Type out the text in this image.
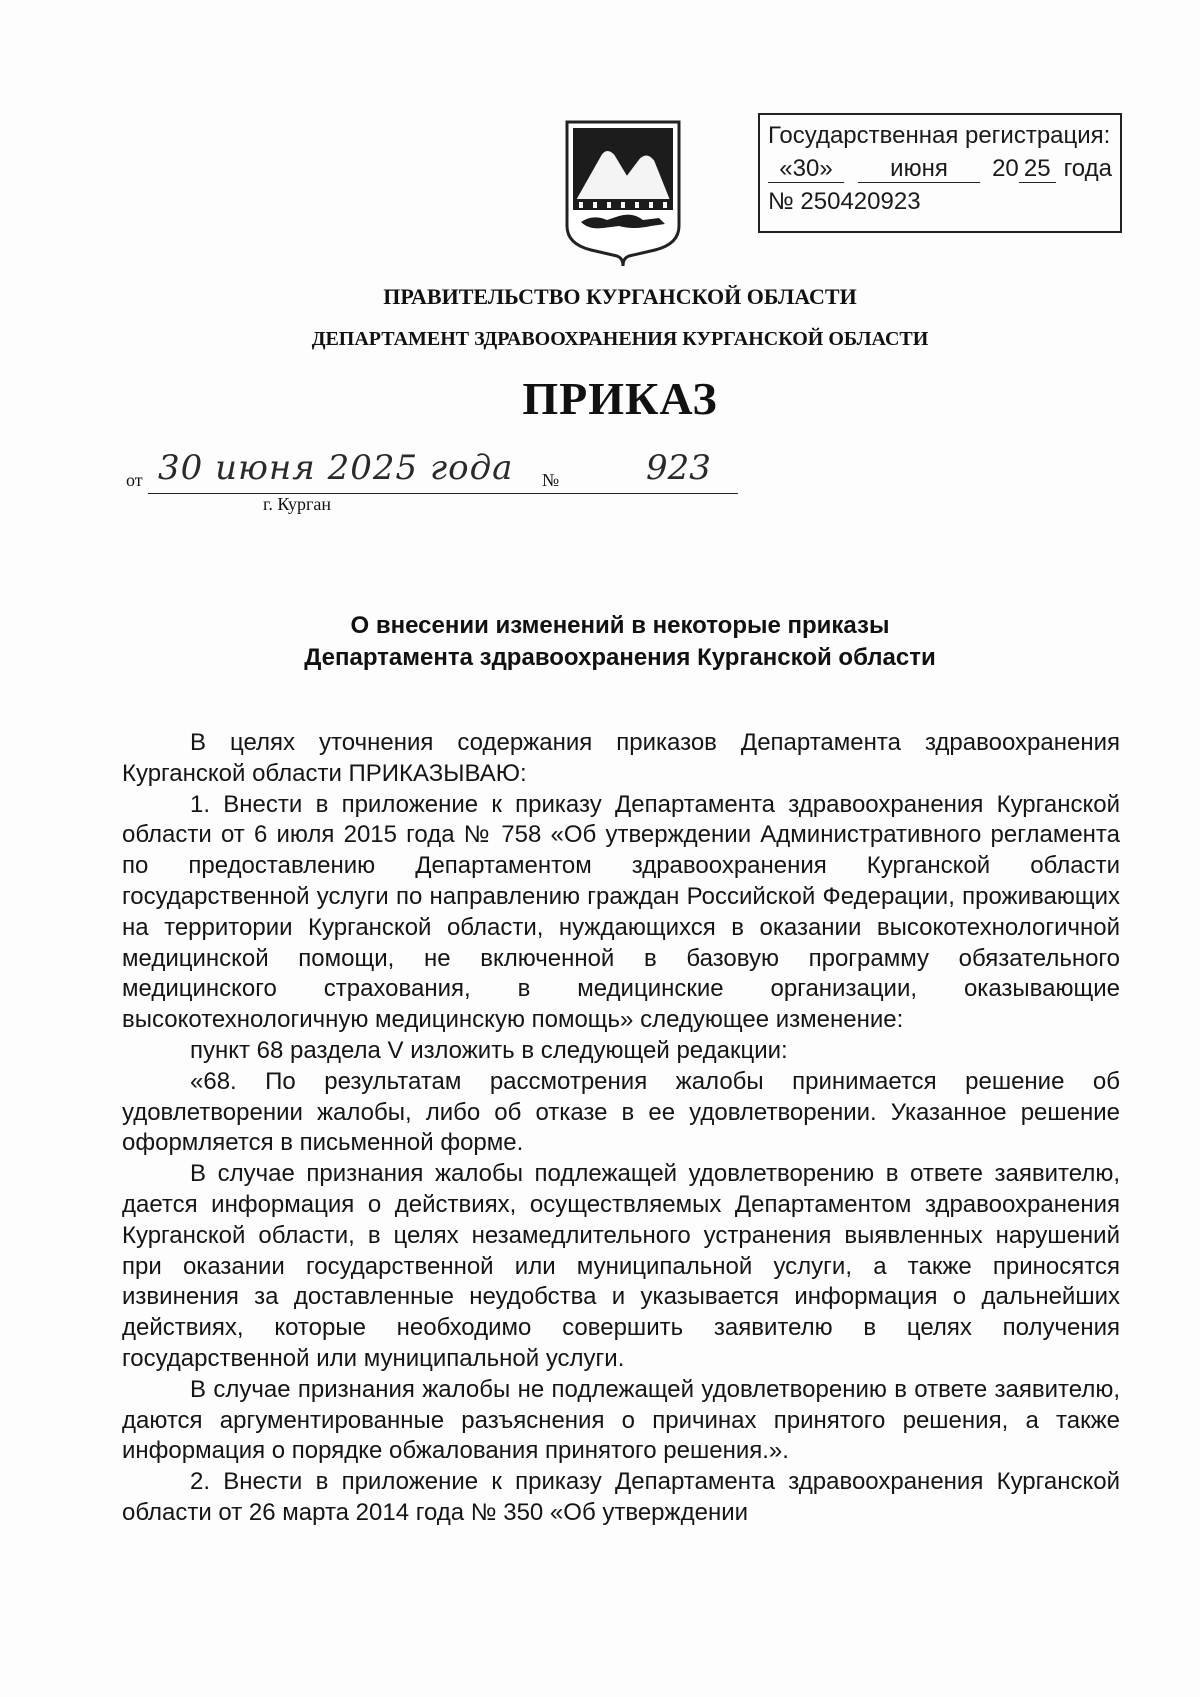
Государственная регистрация:
«30»	июня	20 25 года
№ 250420923
ПРАВИТЕЛЬСТВО КУРГАНСКОЙ ОБЛАСТИ
ДЕПАРТАМЕНТ ЗДРАВООХРАНЕНИЯ КУРГАНСКОЙ ОБЛАСТИ
ПРИКАЗ
от 30 июня 2025 года №	923
г. Курган
О внесении изменений в некоторые приказы
Департамента здравоохранения Курганской области

В целях уточнения содержания приказов Департамента здравоохранения Курганской области ПРИКАЗЫВАЮ:

1. Внести в приложение к приказу Департамента здравоохранения Курганской области от 6 июля 2015 года № 758 «Об утверждении Административного регламента по предоставлению Департаментом здравоохранения Курганской области государственной услуги по направлению граждан Российской Федерации, проживающих на территории Курганской области, нуждающихся в оказании высокотехнологичной медицинской помощи, не включенной в базовую программу обязательного медицинского страхования, в медицинские организации, оказывающие высокотехнологичную медицинскую помощь» следующее изменение:

пункт 68 раздела V изложить в следующей редакции:

«68. По результатам рассмотрения жалобы принимается решение об удовлетворении жалобы, либо об отказе в ее удовлетворении. Указанное решение оформляется в письменной форме.

В случае признания жалобы подлежащей удовлетворению в ответе заявителю, дается информация о действиях, осуществляемых Департаментом здравоохранения Курганской области, в целях незамедлительного устранения выявленных нарушений при оказании государственной или муниципальной услуги, а также приносятся извинения за доставленные неудобства и указывается информация о дальнейших действиях, которые необходимо совершить заявителю в целях получения государственной или муниципальной услуги.

В случае признания жалобы не подлежащей удовлетворению в ответе заявителю, даются аргументированные разъяснения о причинах принятого решения, а также информация о порядке обжалования принятого решения.».

2. Внести в приложение к приказу Департамента здравоохранения Курганской области от 26 марта 2014 года № 350 «Об утверждении
